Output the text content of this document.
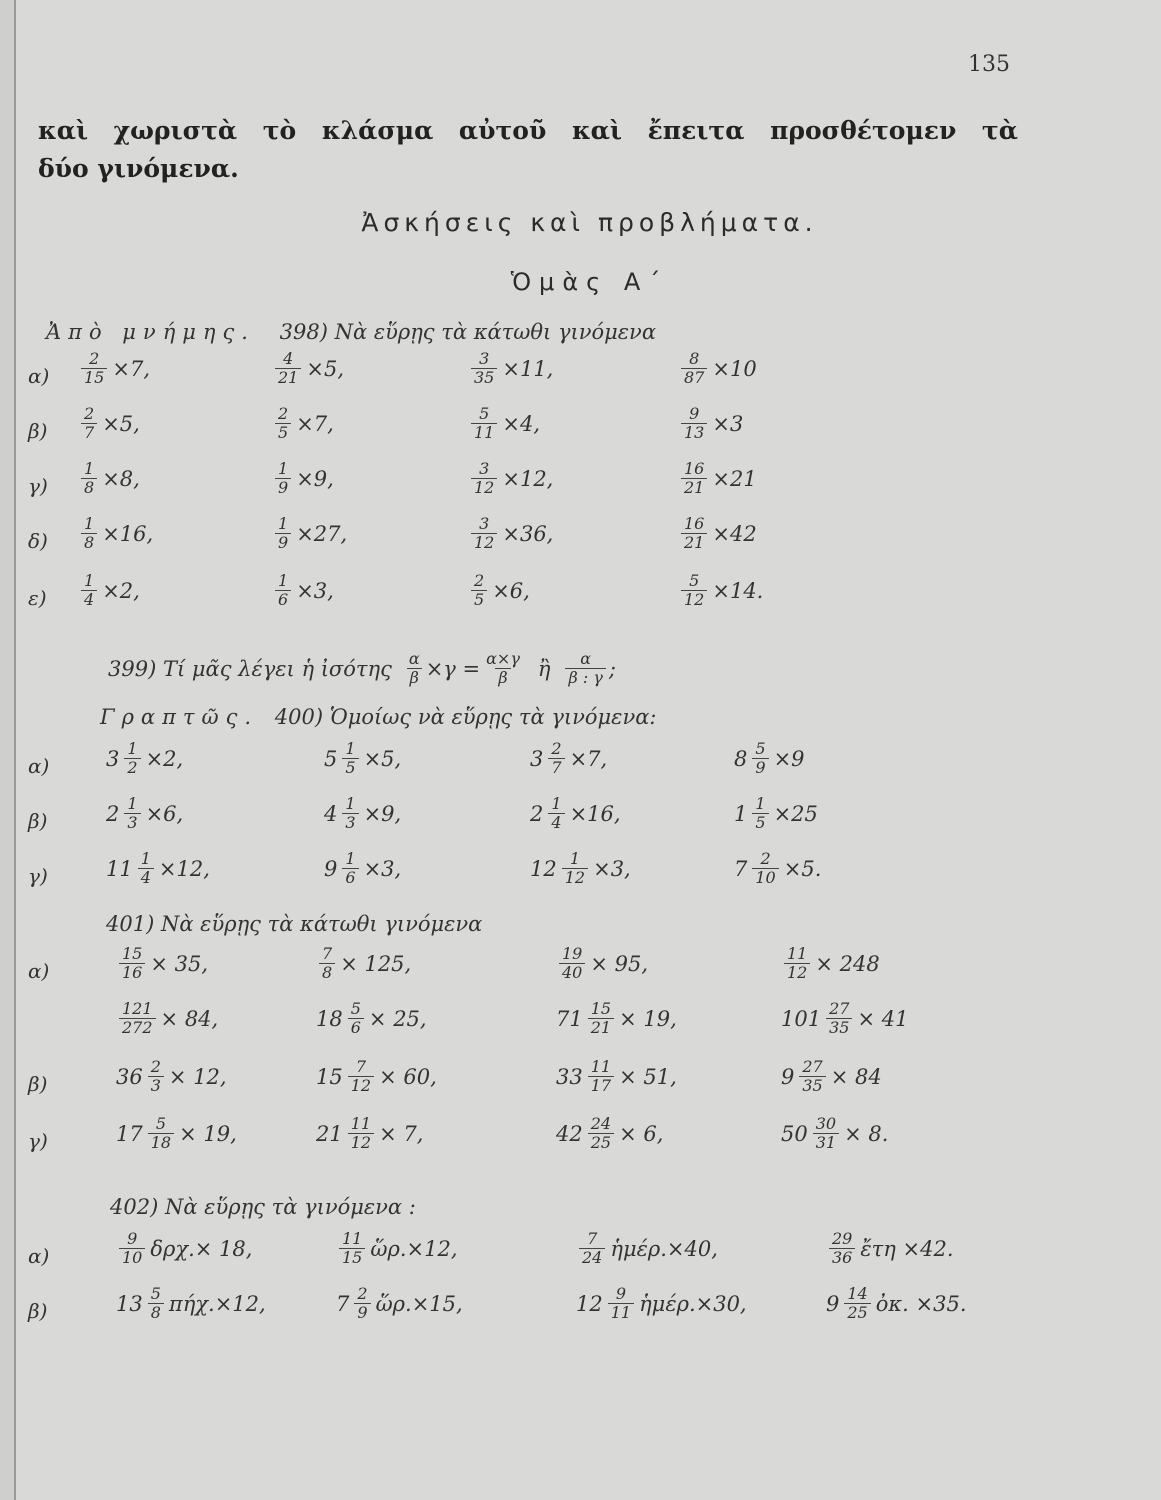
135
καὶ χωριστὰ τὸ κλάσμα αὐτοῦ καὶ ἔπειτα προσθέτομεν τὰ
δύο γινόμενα.
Ἀσκήσεις καὶ προβλήματα.
Ὁμὰς Α΄
Ἀπὸ μνήμης. 398) Νὰ εὕρῃς τὰ κάτωθι γινόμενα
$\alpha) \frac{2}{15} \times 7$,	$\frac{4}{21} \times 5$,	$\frac{3}{35} \times 11$,	$\frac{8}{87} \times 10$
$\beta) \frac{2}{7} \times 5$,	$\frac{2}{5} \times 7$,	$\frac{5}{11} \times 4$,	$\frac{9}{13} \times 3$
$\gamma) \frac{1}{8} \times 8$,	$\frac{1}{9} \times 9$,	$\frac{3}{12} \times 12$,	$\frac{16}{21} \times 21$
$\delta) \frac{1}{8} \times 16$,	$\frac{1}{9} \times 27$,	$\frac{3}{12} \times 36$,	$\frac{16}{21} \times 42$
$\varepsilon) \frac{1}{4} \times 2$,	$\frac{1}{6} \times 3$,	$\frac{2}{5} \times 6$,	$\frac{5}{12} \times 14$.
399) Τί μᾶς λέγει ἡ ἰσότης $\frac{\alpha}{\beta} \times\gamma = \frac{\alpha\times\gamma}{\beta}$ ἢ $\frac{\alpha}{\beta : \gamma}$ ;
Γραπτῶς. 400) Ὁμοίως νὰ εὕρῃς τὰ γινόμενα:
α)	$3 \frac{1}{2} \times 2$,	$5 \frac{1}{5} \times 5$,	$3 \frac{2}{7} \times 7$,	$8 \frac{5}{9} \times 9$
β)	$2 \frac{1}{3} \times 6$,	$4 \frac{1}{3} \times 9$,	$2 \frac{1}{4} \times 16$,	$1 \frac{1}{5} \times 25$
γ)	$11 \frac{1}{4} \times 12$,	$9 \frac{1}{6} \times 3$,	$12 \frac{1}{12} \times 3$,	$7 \frac{2}{10} \times 5$.
401) Νὰ εὕρῃς τὰ κάτωθι γινόμενα
α)	$\frac{15}{16} \times 35$,	$\frac{7}{8} \times 125$,	$\frac{19}{40} \times 95$,	$\frac{11}{12} \times 248$
$\frac{121}{272} \times 84$,	$18 \frac{5}{6} \times 25$,	$71 \frac{15}{21} \times 19$,	$101 \frac{27}{35} \times 41$
β)	$36 \frac{2}{3} \times 12$,	$15 \frac{7}{12} \times 60$,	$33 \frac{11}{17} \times 51$,	$9 \frac{27}{35} \times 84$
γ)	$17 \frac{5}{18} \times 19$,	$21 \frac{11}{12} \times 7$,	$42 \frac{24}{25} \times 6$,	$50 \frac{30}{31} \times 8$.
402) Νὰ εὕρῃς τὰ γινόμενα :
α)	$\frac{9}{10} \delta\rho\chi.\times 18$,	$\frac{11}{15}$ ὥρ.×12,	$\frac{7}{24}$ ἡμέρ.×40,	$\frac{29}{36}$ ἔτη ×42.
β)	$13 \frac{5}{8} \pi ή\chi.\times 12$,	$7 \frac{2}{9}$ ὥρ.×15,	$12 \frac{9}{11}$ ἡμέρ.×30,	$9 \frac{14}{25}$ ὀκ. ×35.
